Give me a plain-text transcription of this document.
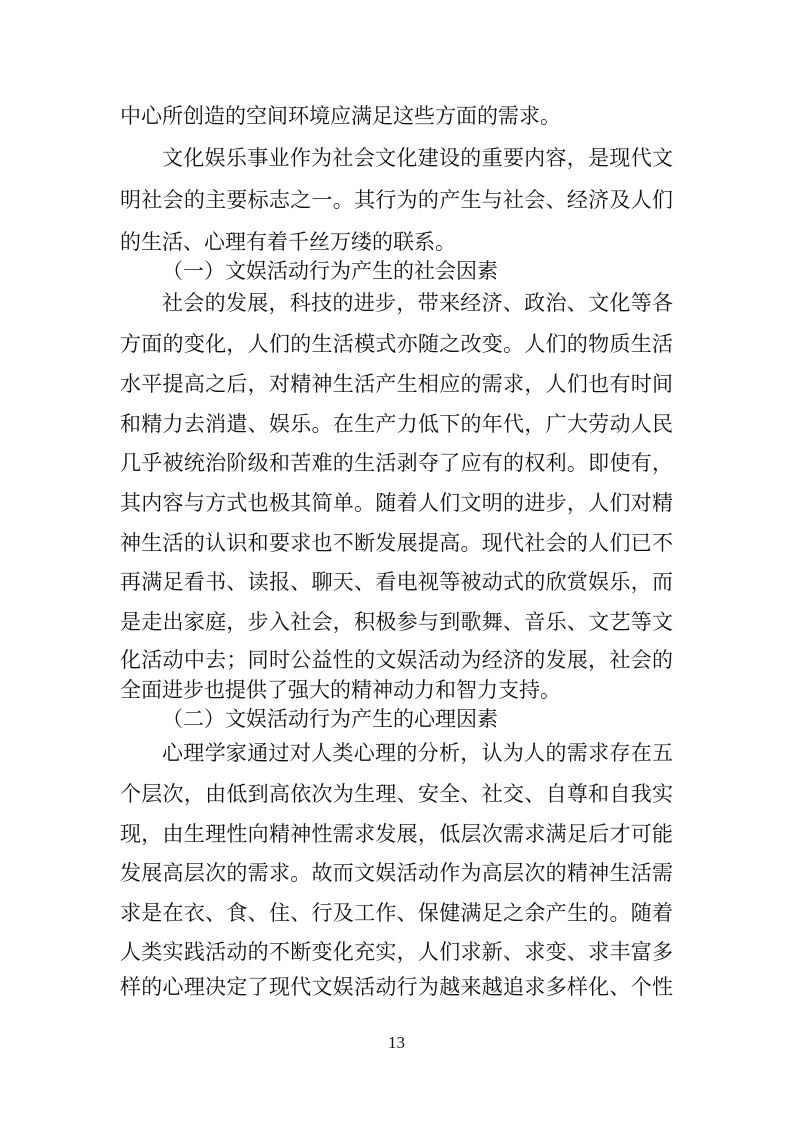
中心所创造的空间环境应满足这些方面的需求。
文化娱乐事业作为社会文化建设的重要内容，是现代文
明社会的主要标志之一。其行为的产生与社会、经济及人们
的生活、心理有着千丝万缕的联系。
（一）文娱活动行为产生的社会因素
社会的发展，科技的进步，带来经济、政治、文化等各
方面的变化，人们的生活模式亦随之改变。人们的物质生活
水平提高之后，对精神生活产生相应的需求，人们也有时间
和精力去消遣、娱乐。在生产力低下的年代，广大劳动人民
几乎被统治阶级和苦难的生活剥夺了应有的权利。即使有，
其内容与方式也极其简单。随着人们文明的进步，人们对精
神生活的认识和要求也不断发展提高。现代社会的人们已不
再满足看书、读报、聊天、看电视等被动式的欣赏娱乐，而
是走出家庭，步入社会，积极参与到歌舞、音乐、文艺等文
化活动中去；同时公益性的文娱活动为经济的发展，社会的
全面进步也提供了强大的精神动力和智力支持。
（二）文娱活动行为产生的心理因素
心理学家通过对人类心理的分析，认为人的需求存在五
个层次，由低到高依次为生理、安全、社交、自尊和自我实
现，由生理性向精神性需求发展，低层次需求满足后才可能
发展高层次的需求。故而文娱活动作为高层次的精神生活需
求是在衣、食、住、行及工作、保健满足之余产生的。随着
人类实践活动的不断变化充实，人们求新、求变、求丰富多
样的心理决定了现代文娱活动行为越来越追求多样化、个性
13
